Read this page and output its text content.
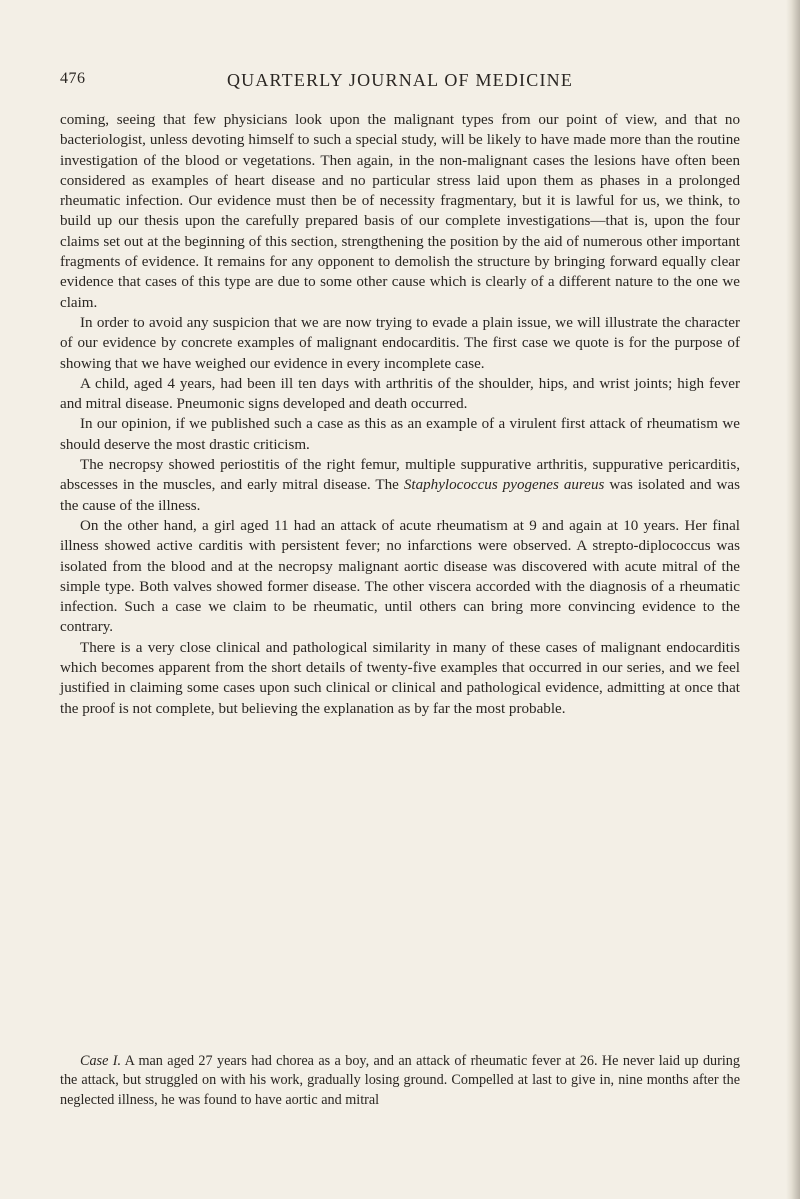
476	QUARTERLY JOURNAL OF MEDICINE

coming, seeing that few physicians look upon the malignant types from our point of view, and that no bacteriologist, unless devoting himself to such a special study, will be likely to have made more than the routine investigation of the blood or vegetations. Then again, in the non-malignant cases the lesions have often been considered as examples of heart disease and no particular stress laid upon them as phases in a prolonged rheumatic infection. Our evidence must then be of necessity fragmentary, but it is lawful for us, we think, to build up our thesis upon the carefully prepared basis of our complete investigations—that is, upon the four claims set out at the beginning of this section, strengthening the position by the aid of numerous other important fragments of evidence. It remains for any opponent to demolish the structure by bringing forward equally clear evidence that cases of this type are due to some other cause which is clearly of a different nature to the one we claim.

In order to avoid any suspicion that we are now trying to evade a plain issue, we will illustrate the character of our evidence by concrete examples of malignant endocarditis. The first case we quote is for the purpose of showing that we have weighed our evidence in every incomplete case.

A child, aged 4 years, had been ill ten days with arthritis of the shoulder, hips, and wrist joints; high fever and mitral disease. Pneumonic signs developed and death occurred.

In our opinion, if we published such a case as this as an example of a virulent first attack of rheumatism we should deserve the most drastic criticism.

The necropsy showed periostitis of the right femur, multiple suppurative arthritis, suppurative pericarditis, abscesses in the muscles, and early mitral disease. The Staphylococcus pyogenes aureus was isolated and was the cause of the illness.

On the other hand, a girl aged 11 had an attack of acute rheumatism at 9 and again at 10 years. Her final illness showed active carditis with persistent fever; no infarctions were observed. A strepto-diplococcus was isolated from the blood and at the necropsy malignant aortic disease was discovered with acute mitral of the simple type. Both valves showed former disease. The other viscera accorded with the diagnosis of a rheumatic infection. Such a case we claim to be rheumatic, until others can bring more convincing evidence to the contrary.

There is a very close clinical and pathological similarity in many of these cases of malignant endocarditis which becomes apparent from the short details of twenty-five examples that occurred in our series, and we feel justified in claiming some cases upon such clinical or clinical and pathological evidence, admitting at once that the proof is not complete, but believing the explanation as by far the most probable.

Case I. A man aged 27 years had chorea as a boy, and an attack of rheumatic fever at 26. He never laid up during the attack, but struggled on with his work, gradually losing ground. Compelled at last to give in, nine months after the neglected illness, he was found to have aortic and mitral
